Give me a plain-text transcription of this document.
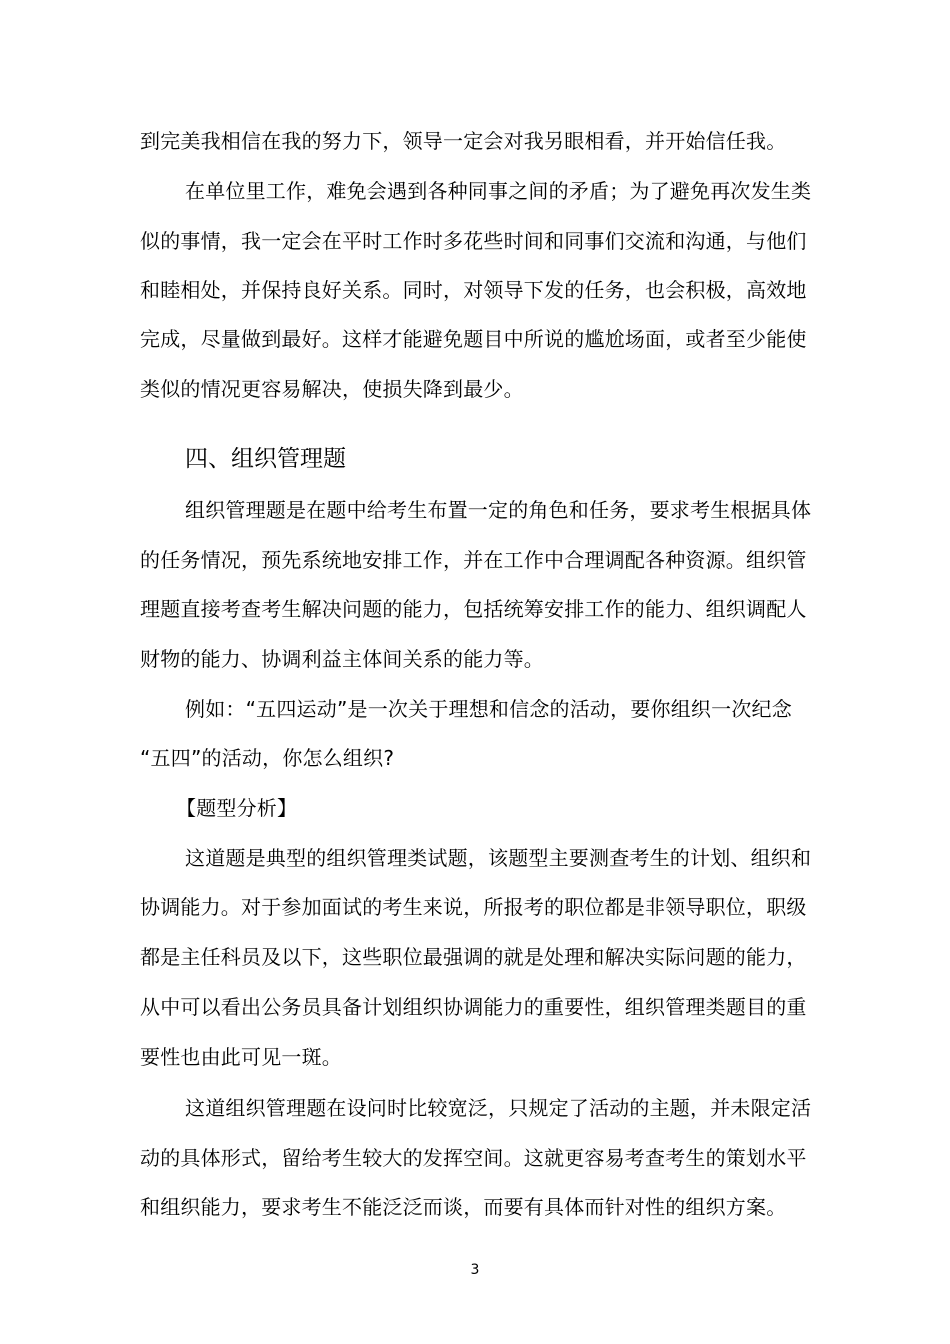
到完美我相信在我的努力下，领导一定会对我另眼相看，并开始信任我。
在单位里工作，难免会遇到各种同事之间的矛盾；为了避免再次发生类
似的事情，我一定会在平时工作时多花些时间和同事们交流和沟通，与他们
和睦相处，并保持良好关系。同时，对领导下发的任务，也会积极，高效地
完成，尽量做到最好。这样才能避免题目中所说的尴尬场面，或者至少能使
类似的情况更容易解决，使损失降到最少。
四、组织管理题
组织管理题是在题中给考生布置一定的角色和任务，要求考生根据具体
的任务情况，预先系统地安排工作，并在工作中合理调配各种资源。组织管
理题直接考查考生解决问题的能力，包括统筹安排工作的能力、组织调配人
财物的能力、协调利益主体间关系的能力等。
例如：“五四运动”是一次关于理想和信念的活动，要你组织一次纪念
“五四”的活动，你怎么组织?
【题型分析】
这道题是典型的组织管理类试题，该题型主要测查考生的计划、组织和
协调能力。对于参加面试的考生来说，所报考的职位都是非领导职位，职级
都是主任科员及以下，这些职位最强调的就是处理和解决实际问题的能力，
从中可以看出公务员具备计划组织协调能力的重要性，组织管理类题目的重
要性也由此可见一斑。
这道组织管理题在设问时比较宽泛，只规定了活动的主题，并未限定活
动的具体形式，留给考生较大的发挥空间。这就更容易考查考生的策划水平
和组织能力，要求考生不能泛泛而谈，而要有具体而针对性的组织方案。
3
